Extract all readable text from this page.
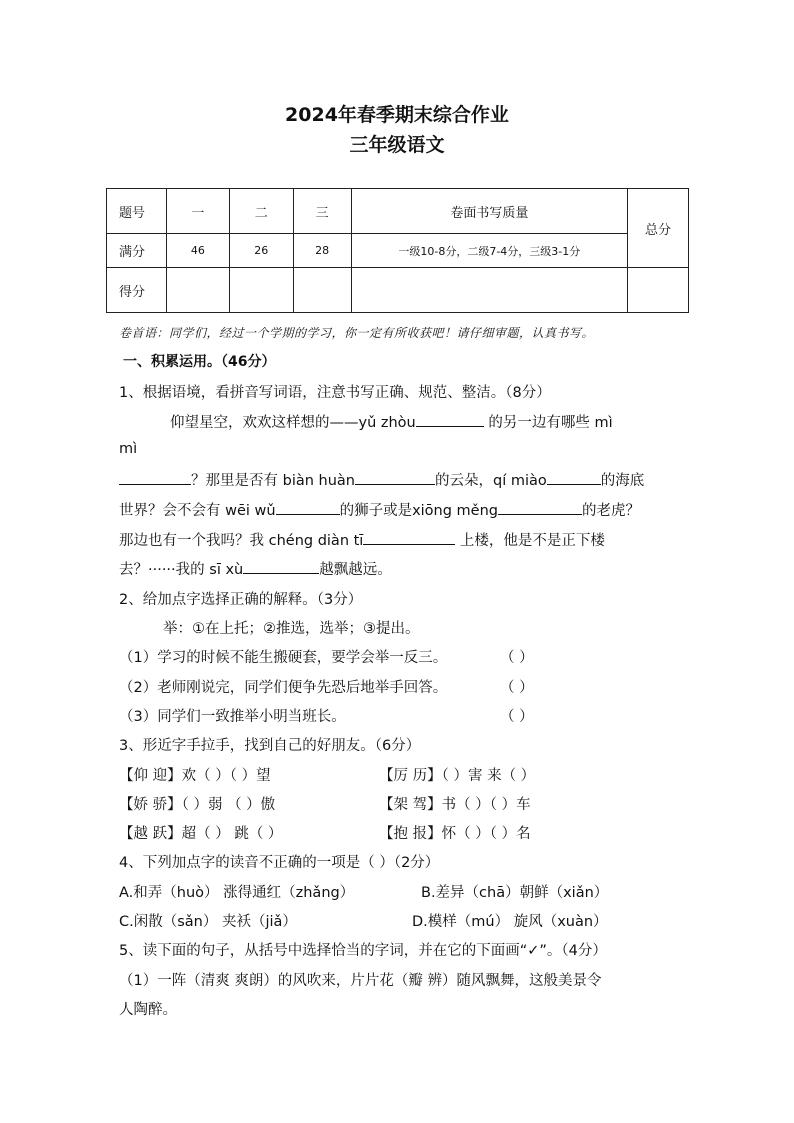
2024年春季期末综合作业
三年级语文
题号	一	二	三	卷面书写质量	总分
满分	46	26	28	一级10-8分，二级7-4分，三级3-1分	
得分					
卷首语：同学们，经过一个学期的学习，你一定有所收获吧！请仔细审题，认真书写。
一、积累运用。（46分）
1、根据语境，看拼音写词语，注意书写正确、规范、整洁。（8分）
仰望星空，欢欢这样想的——yǔ zhòu	的另一边有哪些 mì
mì
？那里是否有 biàn huàn	的云朵，qí miào	的海底
世界？会不会有 wēi wǔ	的狮子或是xiōng měng	的老虎？
那边也有一个我吗？我 chéng diàn tī	上楼，他是不是正下楼
去？······我的 sī xù	越飘越远。
2、给加点字选择正确的解释。（3分）
举：①在上托；②推选，选举；③提出。
（1）学习的时候不能生搬硬套，要学会举一反三。	（ ）
（2）老师刚说完，同学们便争先恐后地举手回答。	（ ）
（3）同学们一致推举小明当班长。	（ ）
3、形近字手拉手，找到自己的好朋友。（6分）
【仰 迎】欢（ ）（ ）望	【厉 历】（ ）害 来（ ）
【娇 骄】（ ）弱 （ ）傲	【架 驾】书（ ）（ ）车
【越 跃】超（ ） 跳（ ）	【抱 报】怀（ ）（ ）名
4、下列加点字的读音不正确的一项是（ ）（2分）
A.和弄（huò） 涨得通红（zhǎng）	B.差异（chā）朝鲜（xiǎn）
C.闲散（sǎn） 夹袄（jiǎ）	D.模样（mú） 旋风（xuàn）
5、读下面的句子，从括号中选择恰当的字词，并在它的下面画“✓”。（4分）
（1）一阵（清爽 爽朗）的风吹来，片片花（瓣 辨）随风飘舞，这般美景令
人陶醉。
